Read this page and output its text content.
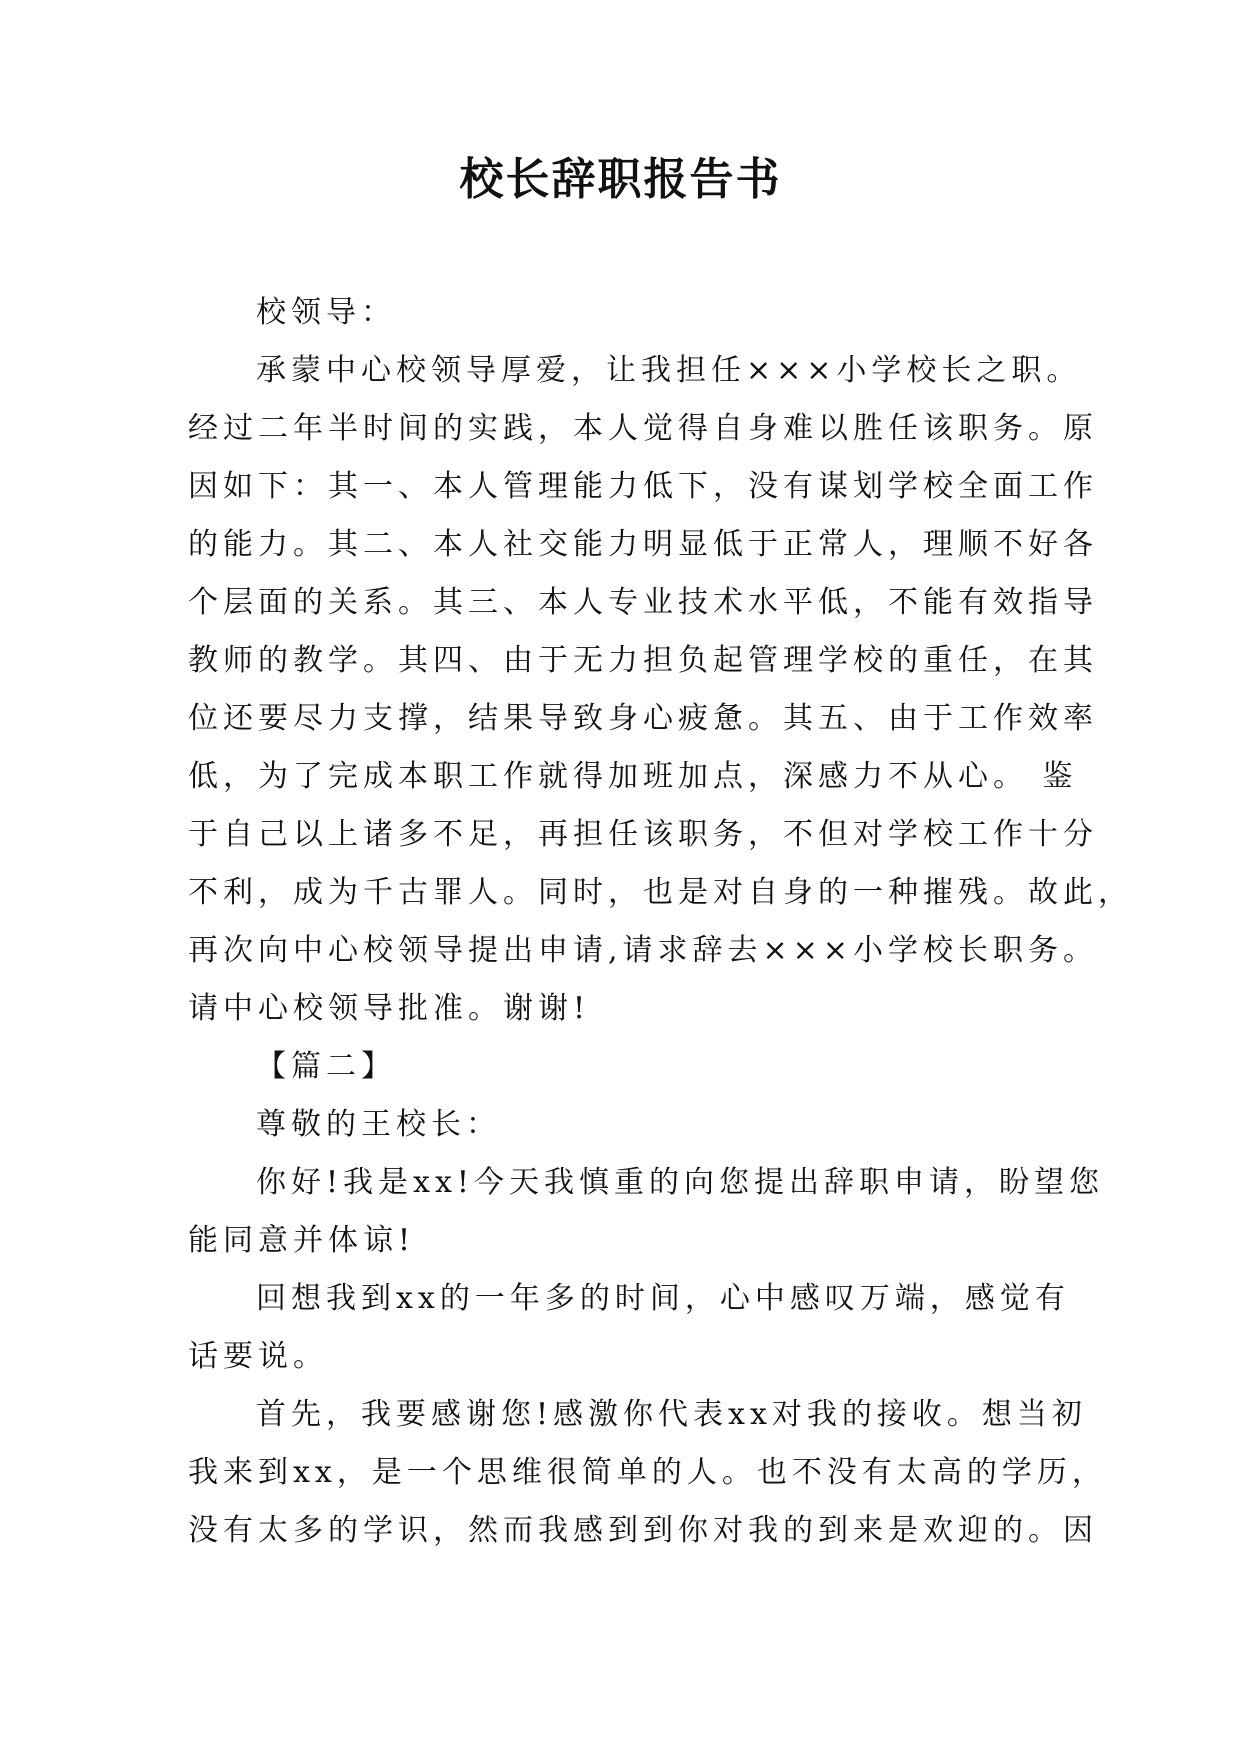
校长辞职报告书
校领导：
承蒙中心校领导厚爱，让我担任×××小学校长之职。
经过二年半时间的实践，本人觉得自身难以胜任该职务。原
因如下：其一、本人管理能力低下，没有谋划学校全面工作
的能力。其二、本人社交能力明显低于正常人，理顺不好各
个层面的关系。其三、本人专业技术水平低，不能有效指导
教师的教学。其四、由于无力担负起管理学校的重任，在其
位还要尽力支撑，结果导致身心疲惫。其五、由于工作效率
低，为了完成本职工作就得加班加点，深感力不从心。 鉴
于自己以上诸多不足，再担任该职务，不但对学校工作十分
不利，成为千古罪人。同时，也是对自身的一种摧残。故此，
再次向中心校领导提出申请,请求辞去×××小学校长职务。
请中心校领导批准。谢谢!
【篇二】
尊敬的王校长：
你好!我是xx!今天我慎重的向您提出辞职申请，盼望您
能同意并体谅!
回想我到xx的一年多的时间，心中感叹万端，感觉有
话要说。
首先，我要感谢您!感激你代表xx对我的接收。想当初
我来到xx，是一个思维很简单的人。也不没有太高的学历，
没有太多的学识，然而我感到到你对我的到来是欢迎的。因
